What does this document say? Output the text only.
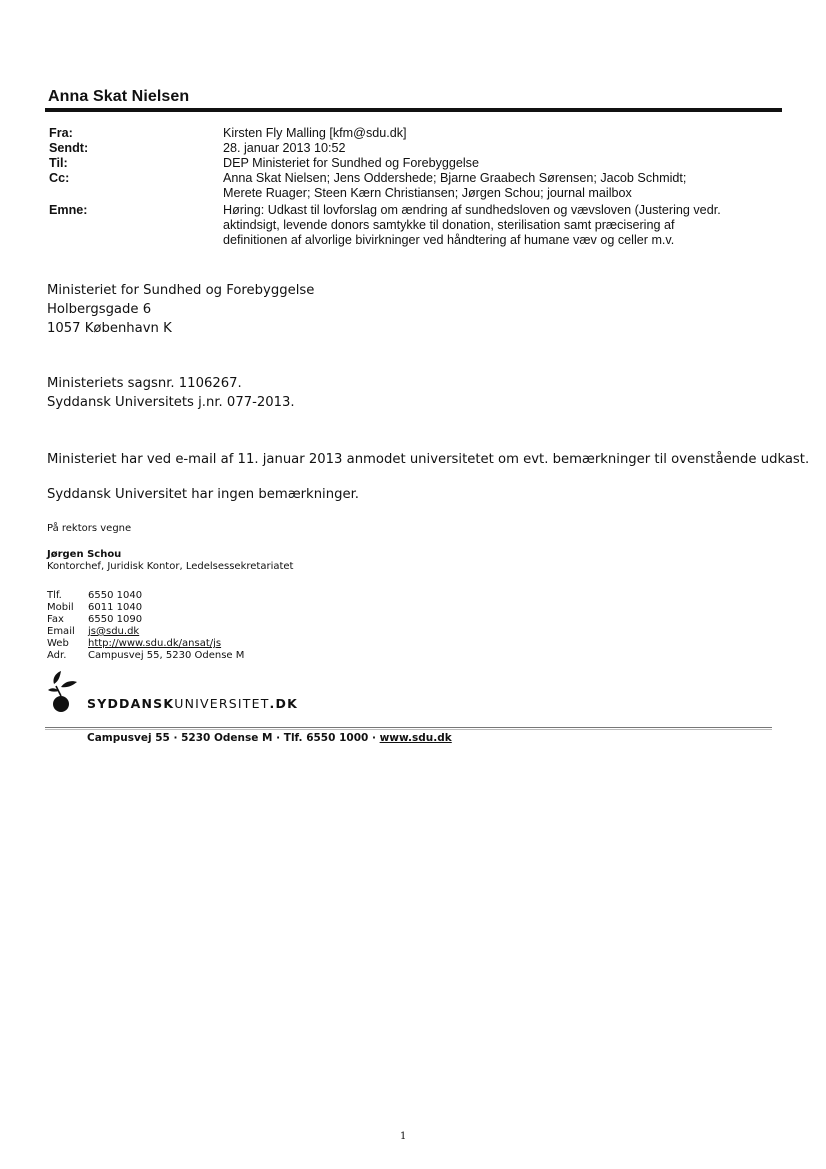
Anna Skat Nielsen
Fra:	Kirsten Fly Malling [kfm@sdu.dk]
Sendt:	28. januar 2013 10:52
Til:	DEP Ministeriet for Sundhed og Forebyggelse
Cc:	Anna Skat Nielsen; Jens Oddershede; Bjarne Graabech Sørensen; Jacob Schmidt;
Merete Ruager; Steen Kærn Christiansen; Jørgen Schou; journal mailbox
Emne:	Høring: Udkast til lovforslag om ændring af sundhedsloven og vævsloven (Justering vedr.
aktindsigt, levende donors samtykke til donation, sterilisation samt præcisering af
definitionen af alvorlige bivirkninger ved håndtering af humane væv og celler m.v.
Ministeriet for Sundhed og Forebyggelse
Holbergsgade 6
1057 København K
Ministeriets sagsnr. 1106267.
Syddansk Universitets j.nr. 077-2013.
Ministeriet har ved e-mail af 11. januar 2013 anmodet universitetet om evt. bemærkninger til ovenstående udkast.
Syddansk Universitet har ingen bemærkninger.
På rektors vegne
Jørgen Schou
Kontorchef, Juridisk Kontor, Ledelsessekretariatet
Tlf.	6550 1040
Mobil 6011 1040
Fax 6550 1090
Email js@sdu.dk
Web http://www.sdu.dk/ansat/js
Adr. Campusvej 55, 5230 Odense M
SYDDANSKUNIVERSITET.DK
Campusvej 55 · 5230 Odense M · Tlf. 6550 1000 · www.sdu.dk
1
